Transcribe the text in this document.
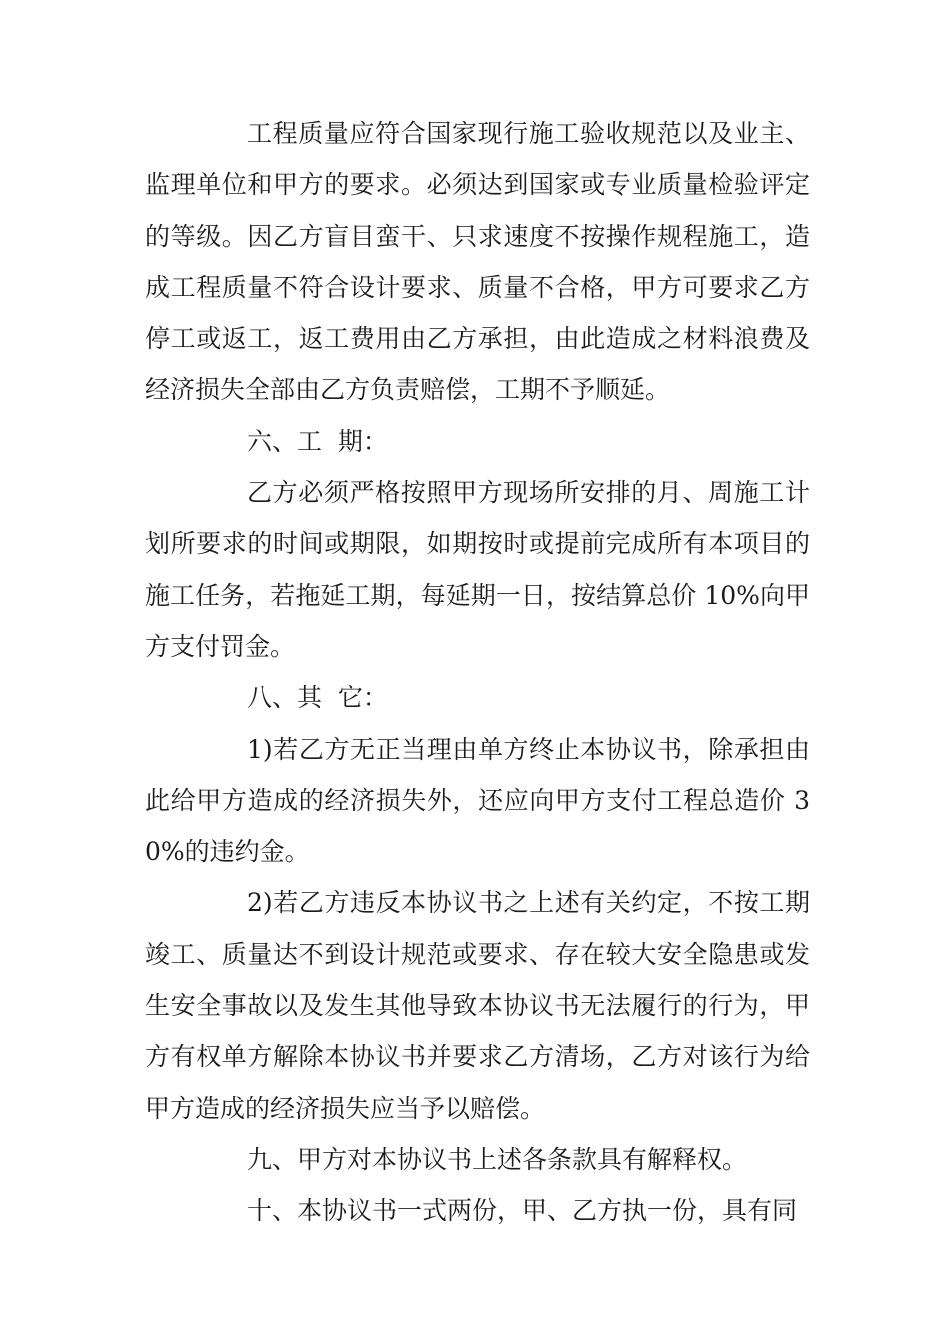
工程质量应符合国家现行施工验收规范以及业主、监理单位和甲方的要求。必须达到国家或专业质量检验评定的等级。因乙方盲目蛮干、只求速度不按操作规程施工，造成工程质量不符合设计要求、质量不合格，甲方可要求乙方停工或返工，返工费用由乙方承担，由此造成之材料浪费及经济损失全部由乙方负责赔偿，工期不予顺延。

六、工  期：

乙方必须严格按照甲方现场所安排的月、周施工计划所要求的时间或期限，如期按时或提前完成所有本项目的施工任务，若拖延工期，每延期一日，按结算总价 10%向甲方支付罚金。

八、其  它：

1)若乙方无正当理由单方终止本协议书，除承担由此给甲方造成的经济损失外，还应向甲方支付工程总造价 30%的违约金。

2)若乙方违反本协议书之上述有关约定，不按工期竣工、质量达不到设计规范或要求、存在较大安全隐患或发生安全事故以及发生其他导致本协议书无法履行的行为，甲方有权单方解除本协议书并要求乙方清场，乙方对该行为给甲方造成的经济损失应当予以赔偿。

九、甲方对本协议书上述各条款具有解释权。

十、本协议书一式两份，甲、乙方执一份，具有同
